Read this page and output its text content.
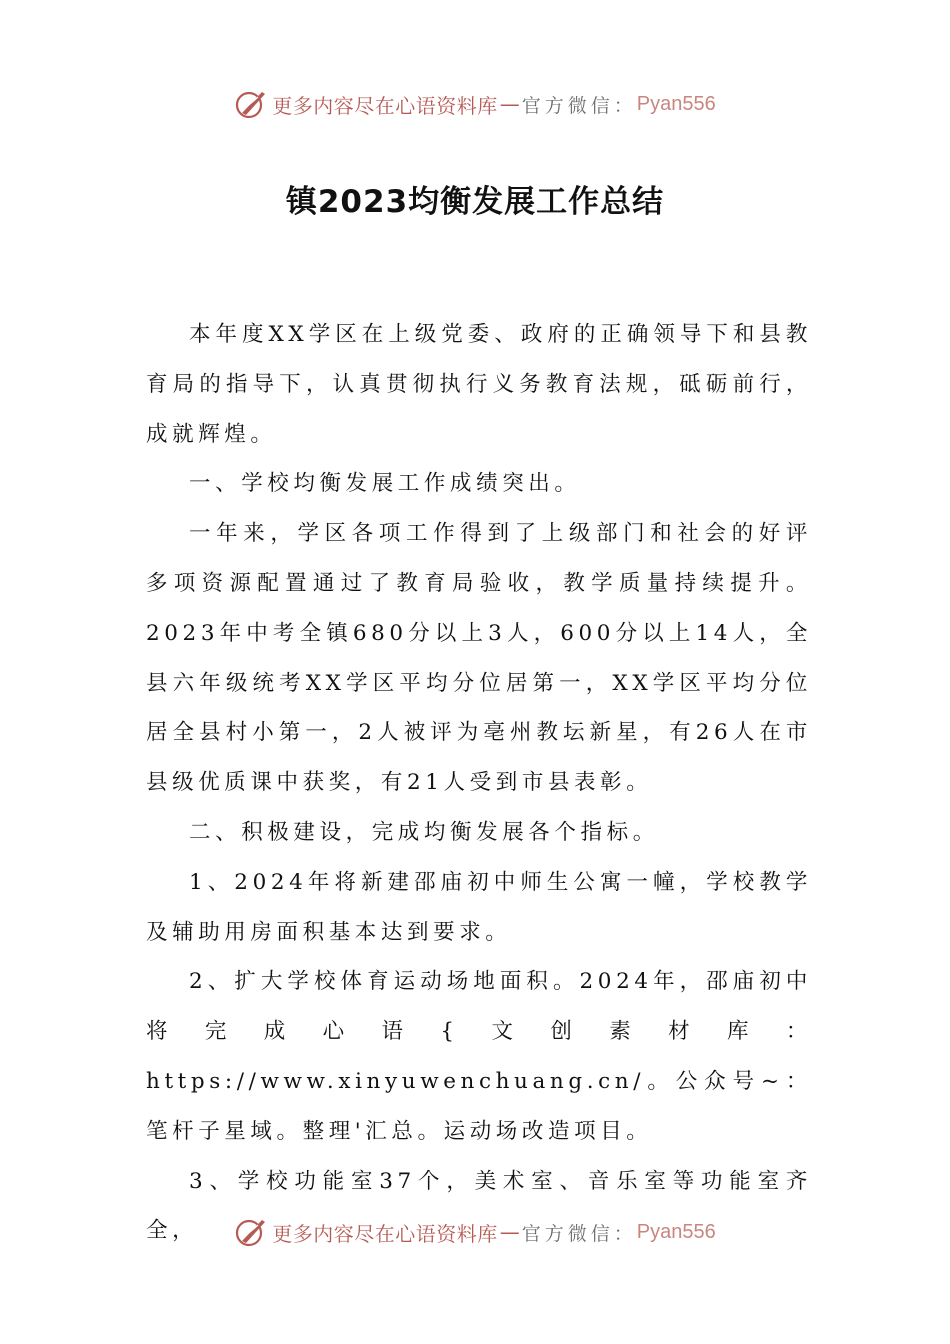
更多内容尽在心语资料库 — 官方微信： Pyan556
镇2023均衡发展工作总结

本年度XX学区在上级党委、政府的正确领导下和县教育局的指导下，认真贯彻执行义务教育法规，砥砺前行，成就辉煌。

一、学校均衡发展工作成绩突出。

一年来，学区各项工作得到了上级部门和社会的好评多项资源配置通过了教育局验收，教学质量持续提升。2023年中考全镇680分以上3人，600分以上14人，全县六年级统考XX学区平均分位居第一，XX学区平均分位居全县村小第一，2人被评为亳州教坛新星，有26人在市县级优质课中获奖，有21人受到市县表彰。

二、积极建设，完成均衡发展各个指标。

1、2024年将新建邵庙初中师生公寓一幢，学校教学及辅助用房面积基本达到要求。

2、扩大学校体育运动场地面积。2024年，邵庙初中将完成心语{文创素材库：https://www.xinyuwenchuang.cn/。公众号~：笔杆子星域。整理'汇总。运动场改造项目。

3、学校功能室37个，美术室、音乐室等功能室齐全，	更多内容尽在心语资料库 — 官方微信： Pyan556
